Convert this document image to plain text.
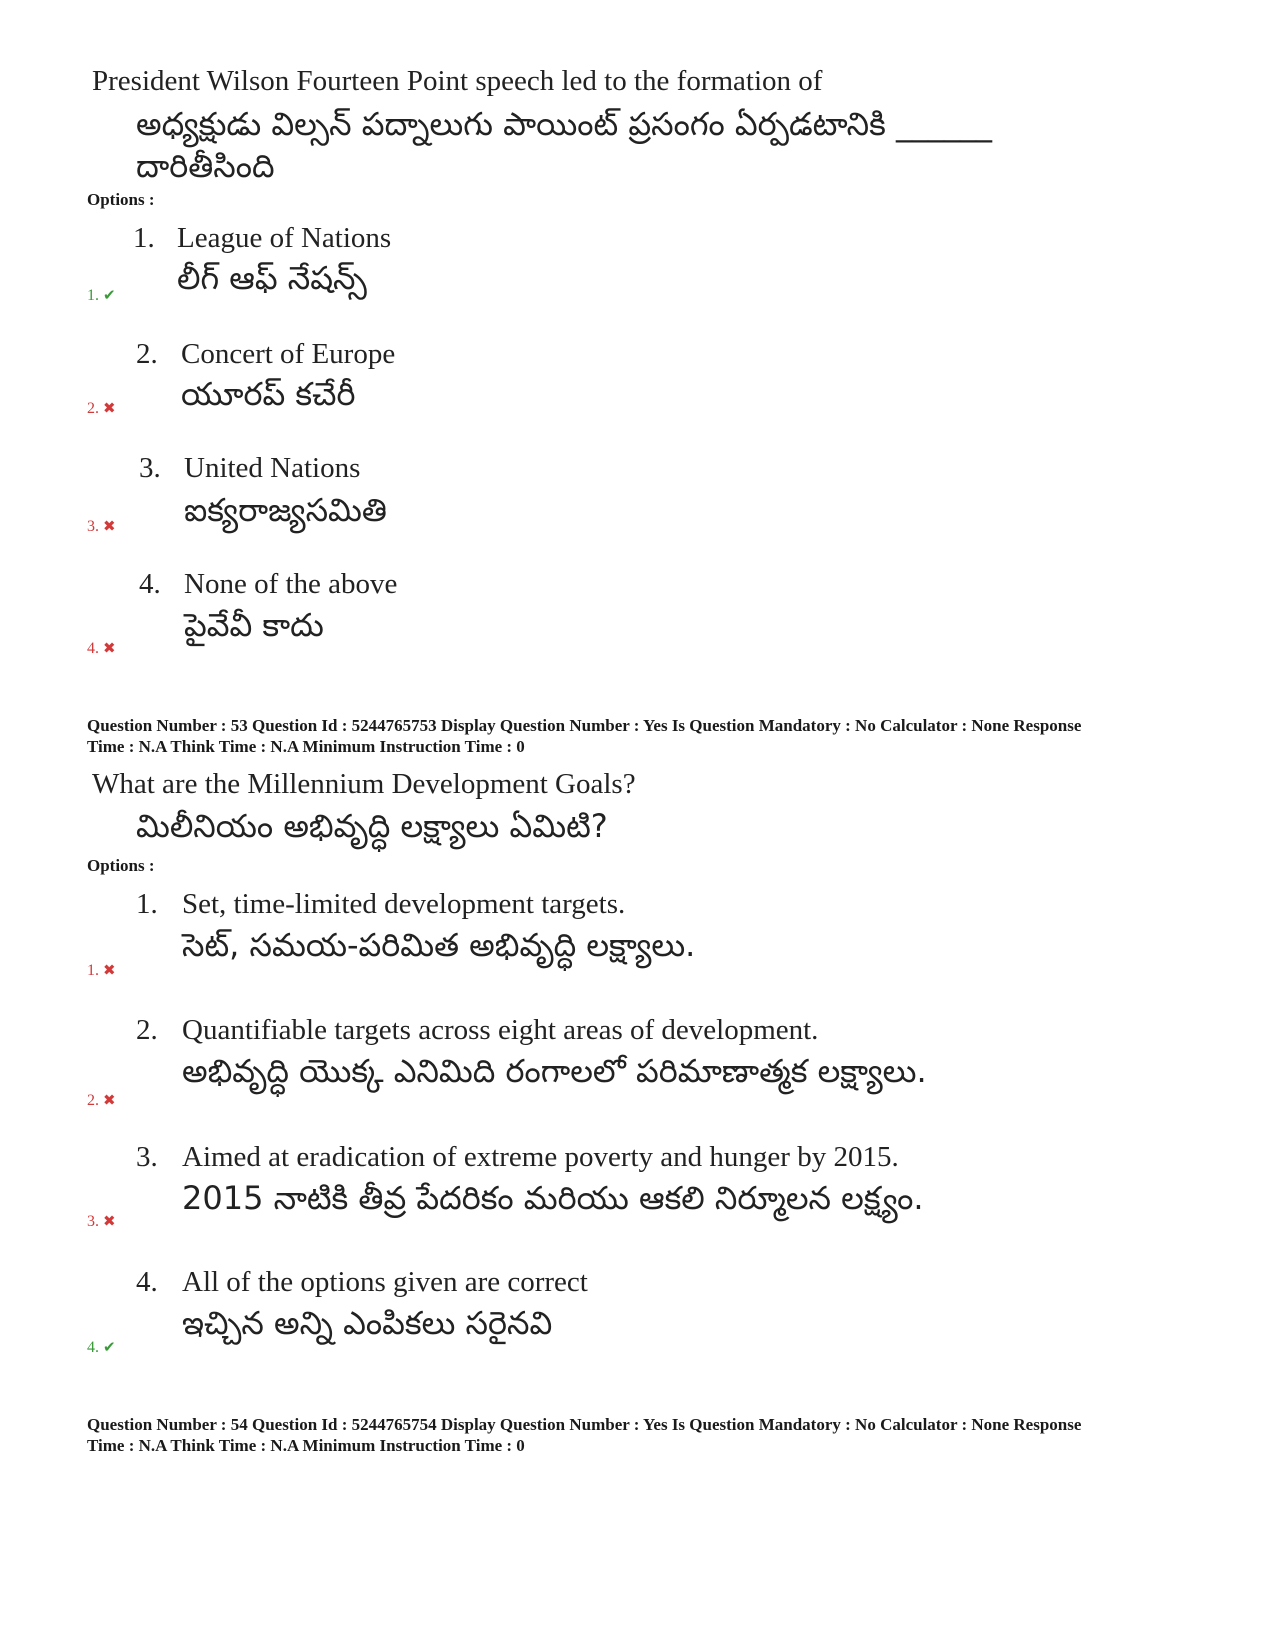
President Wilson Fourteen Point speech led to the formation of
అధ్యక్షుడు విల్సన్ పద్నాలుగు పాయింట్ ప్రసంగం ఏర్పడటానికి ______
దారితీసింది
Options :
1. League of Nations
లీగ్ ఆఫ్ నేషన్స్
1. ✔
2. Concert of Europe
యూరప్ కచేరీ
2. ✖
3. United Nations
ఐక్యరాజ్యసమితి
3. ✖
4. None of the above
పైవేవీ కాదు
4. ✖
Question Number : 53 Question Id : 5244765753 Display Question Number : Yes Is Question Mandatory : No Calculator : None Response
Time : N.A Think Time : N.A Minimum Instruction Time : 0
What are the Millennium Development Goals?
మిలీనియం అభివృద్ధి లక్ష్యాలు ఏమిటి?
Options :
1. Set, time-limited development targets.
సెట్, సమయ-పరిమిత అభివృద్ధి లక్ష్యాలు.
1. ✖
2. Quantifiable targets across eight areas of development.
అభివృద్ధి యొక్క ఎనిమిది రంగాలలో పరిమాణాత్మక లక్ష్యాలు.
2. ✖
3. Aimed at eradication of extreme poverty and hunger by 2015.
2015 నాటికి తీవ్ర పేదరికం మరియు ఆకలి నిర్మూలన లక్ష్యం.
3. ✖
4. All of the options given are correct
ఇచ్చిన అన్ని ఎంపికలు సరైనవి
4. ✔
Question Number : 54 Question Id : 5244765754 Display Question Number : Yes Is Question Mandatory : No Calculator : None Response
Time : N.A Think Time : N.A Minimum Instruction Time : 0
